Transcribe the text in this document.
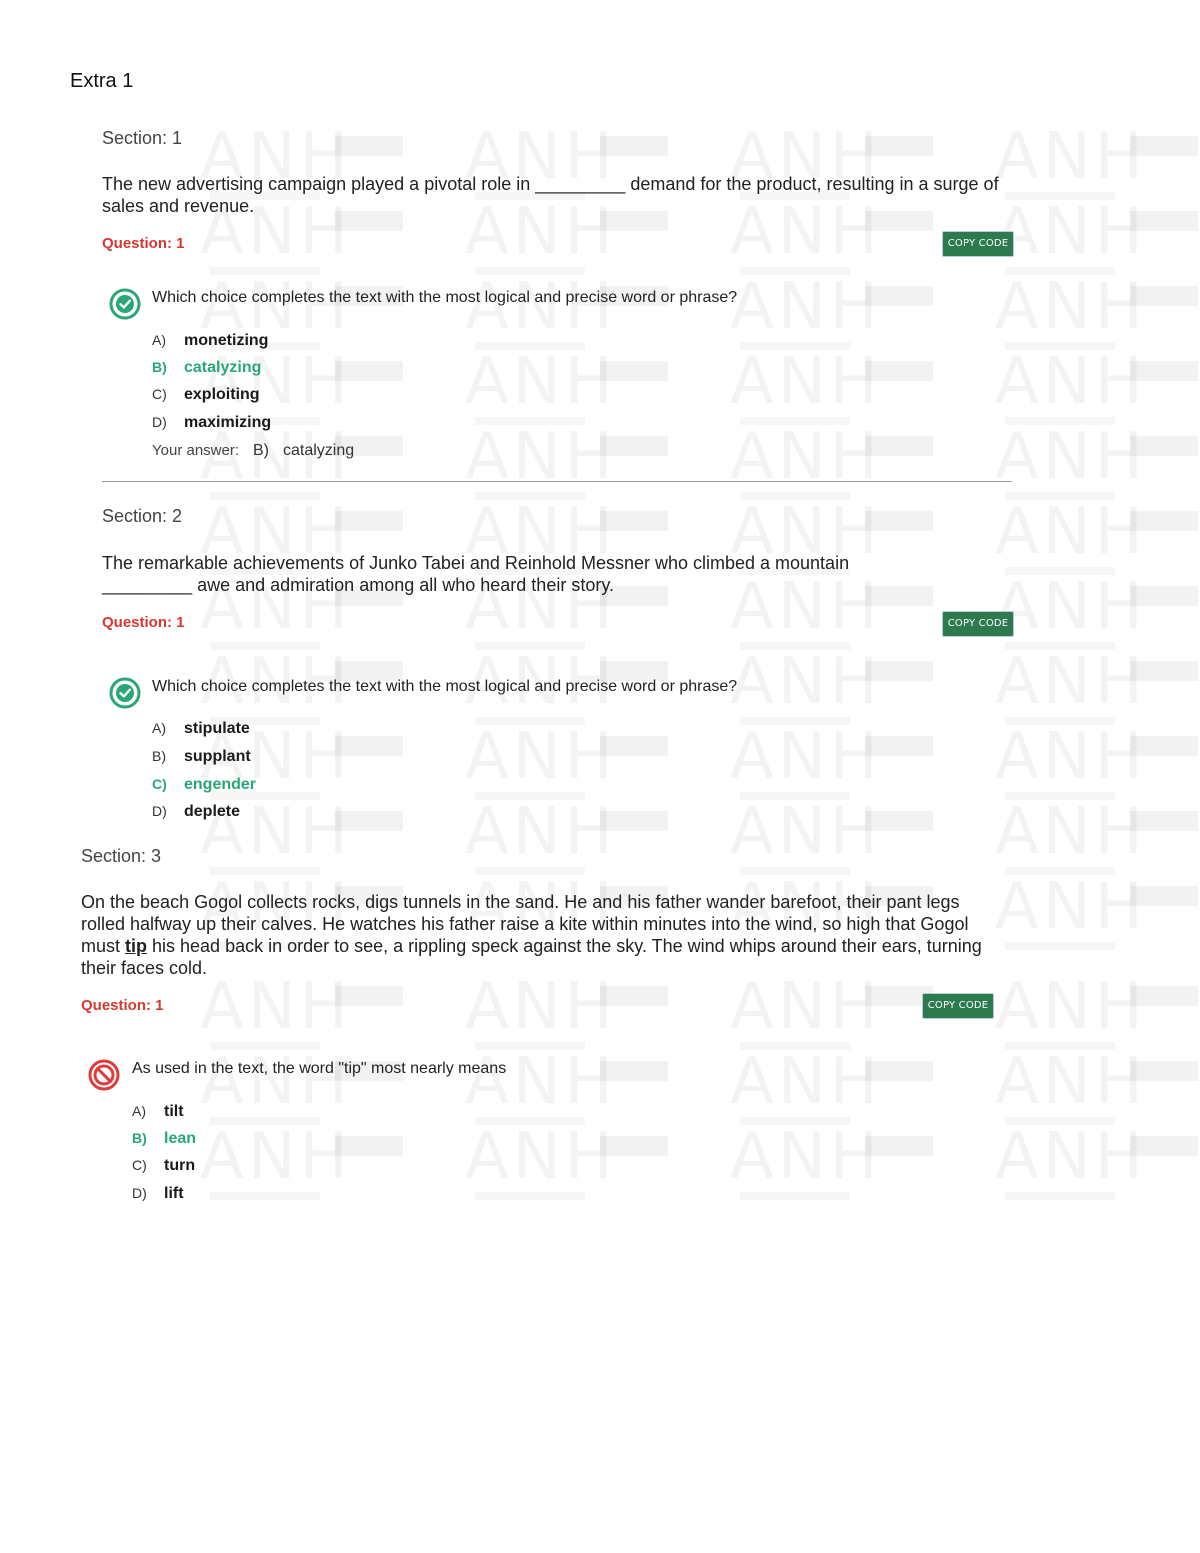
Extra 1
Section: 1
The new advertising campaign played a pivotal role in _________ demand for the product, resulting in a surge of sales and revenue.
Question: 1	COPY CODE
Which choice completes the text with the most logical and precise word or phrase?
A) monetizing
B) catalyzing
C) exploiting
D) maximizing
Your answer: B) catalyzing
Section: 2
The remarkable achievements of Junko Tabei and Reinhold Messner who climbed a mountain _________ awe and admiration among all who heard their story.
Question: 1	COPY CODE
Which choice completes the text with the most logical and precise word or phrase?
A) stipulate
B) supplant
C) engender
D) deplete
Section: 3
On the beach Gogol collects rocks, digs tunnels in the sand. He and his father wander barefoot, their pant legs rolled halfway up their calves. He watches his father raise a kite within minutes into the wind, so high that Gogol must tip his head back in order to see, a rippling speck against the sky. The wind whips around their ears, turning their faces cold.
Question: 1	COPY CODE
As used in the text, the word "tip" most nearly means
A) tilt
B) lean
C) turn
D) lift
